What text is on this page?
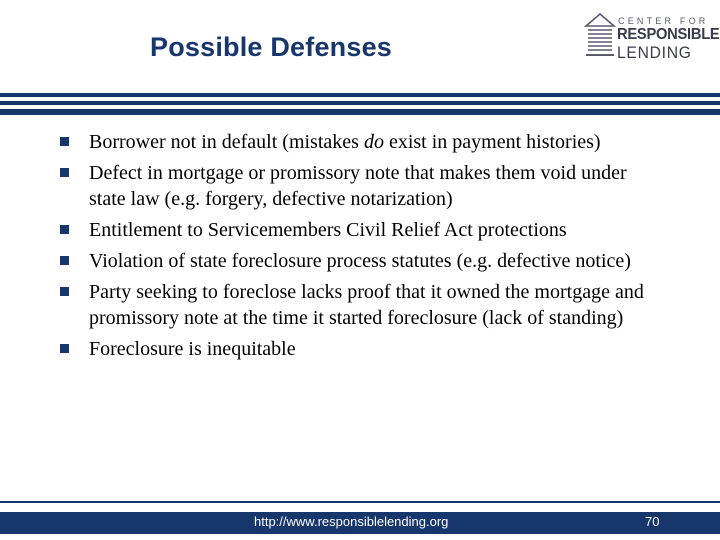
Possible Defenses
CENTER FOR
RESPONSIBLE
LENDING
Borrower not in default (mistakes do exist in payment histories)
Defect in mortgage or promissory note that makes them void under state law (e.g. forgery, defective notarization)
Entitlement to Servicemembers Civil Relief Act protections
Violation of state foreclosure process statutes (e.g. defective notice)
Party seeking to foreclose lacks proof that it owned the mortgage and promissory note at the time it started foreclosure (lack of standing)
Foreclosure is inequitable
http://www.responsiblelending.org	70
